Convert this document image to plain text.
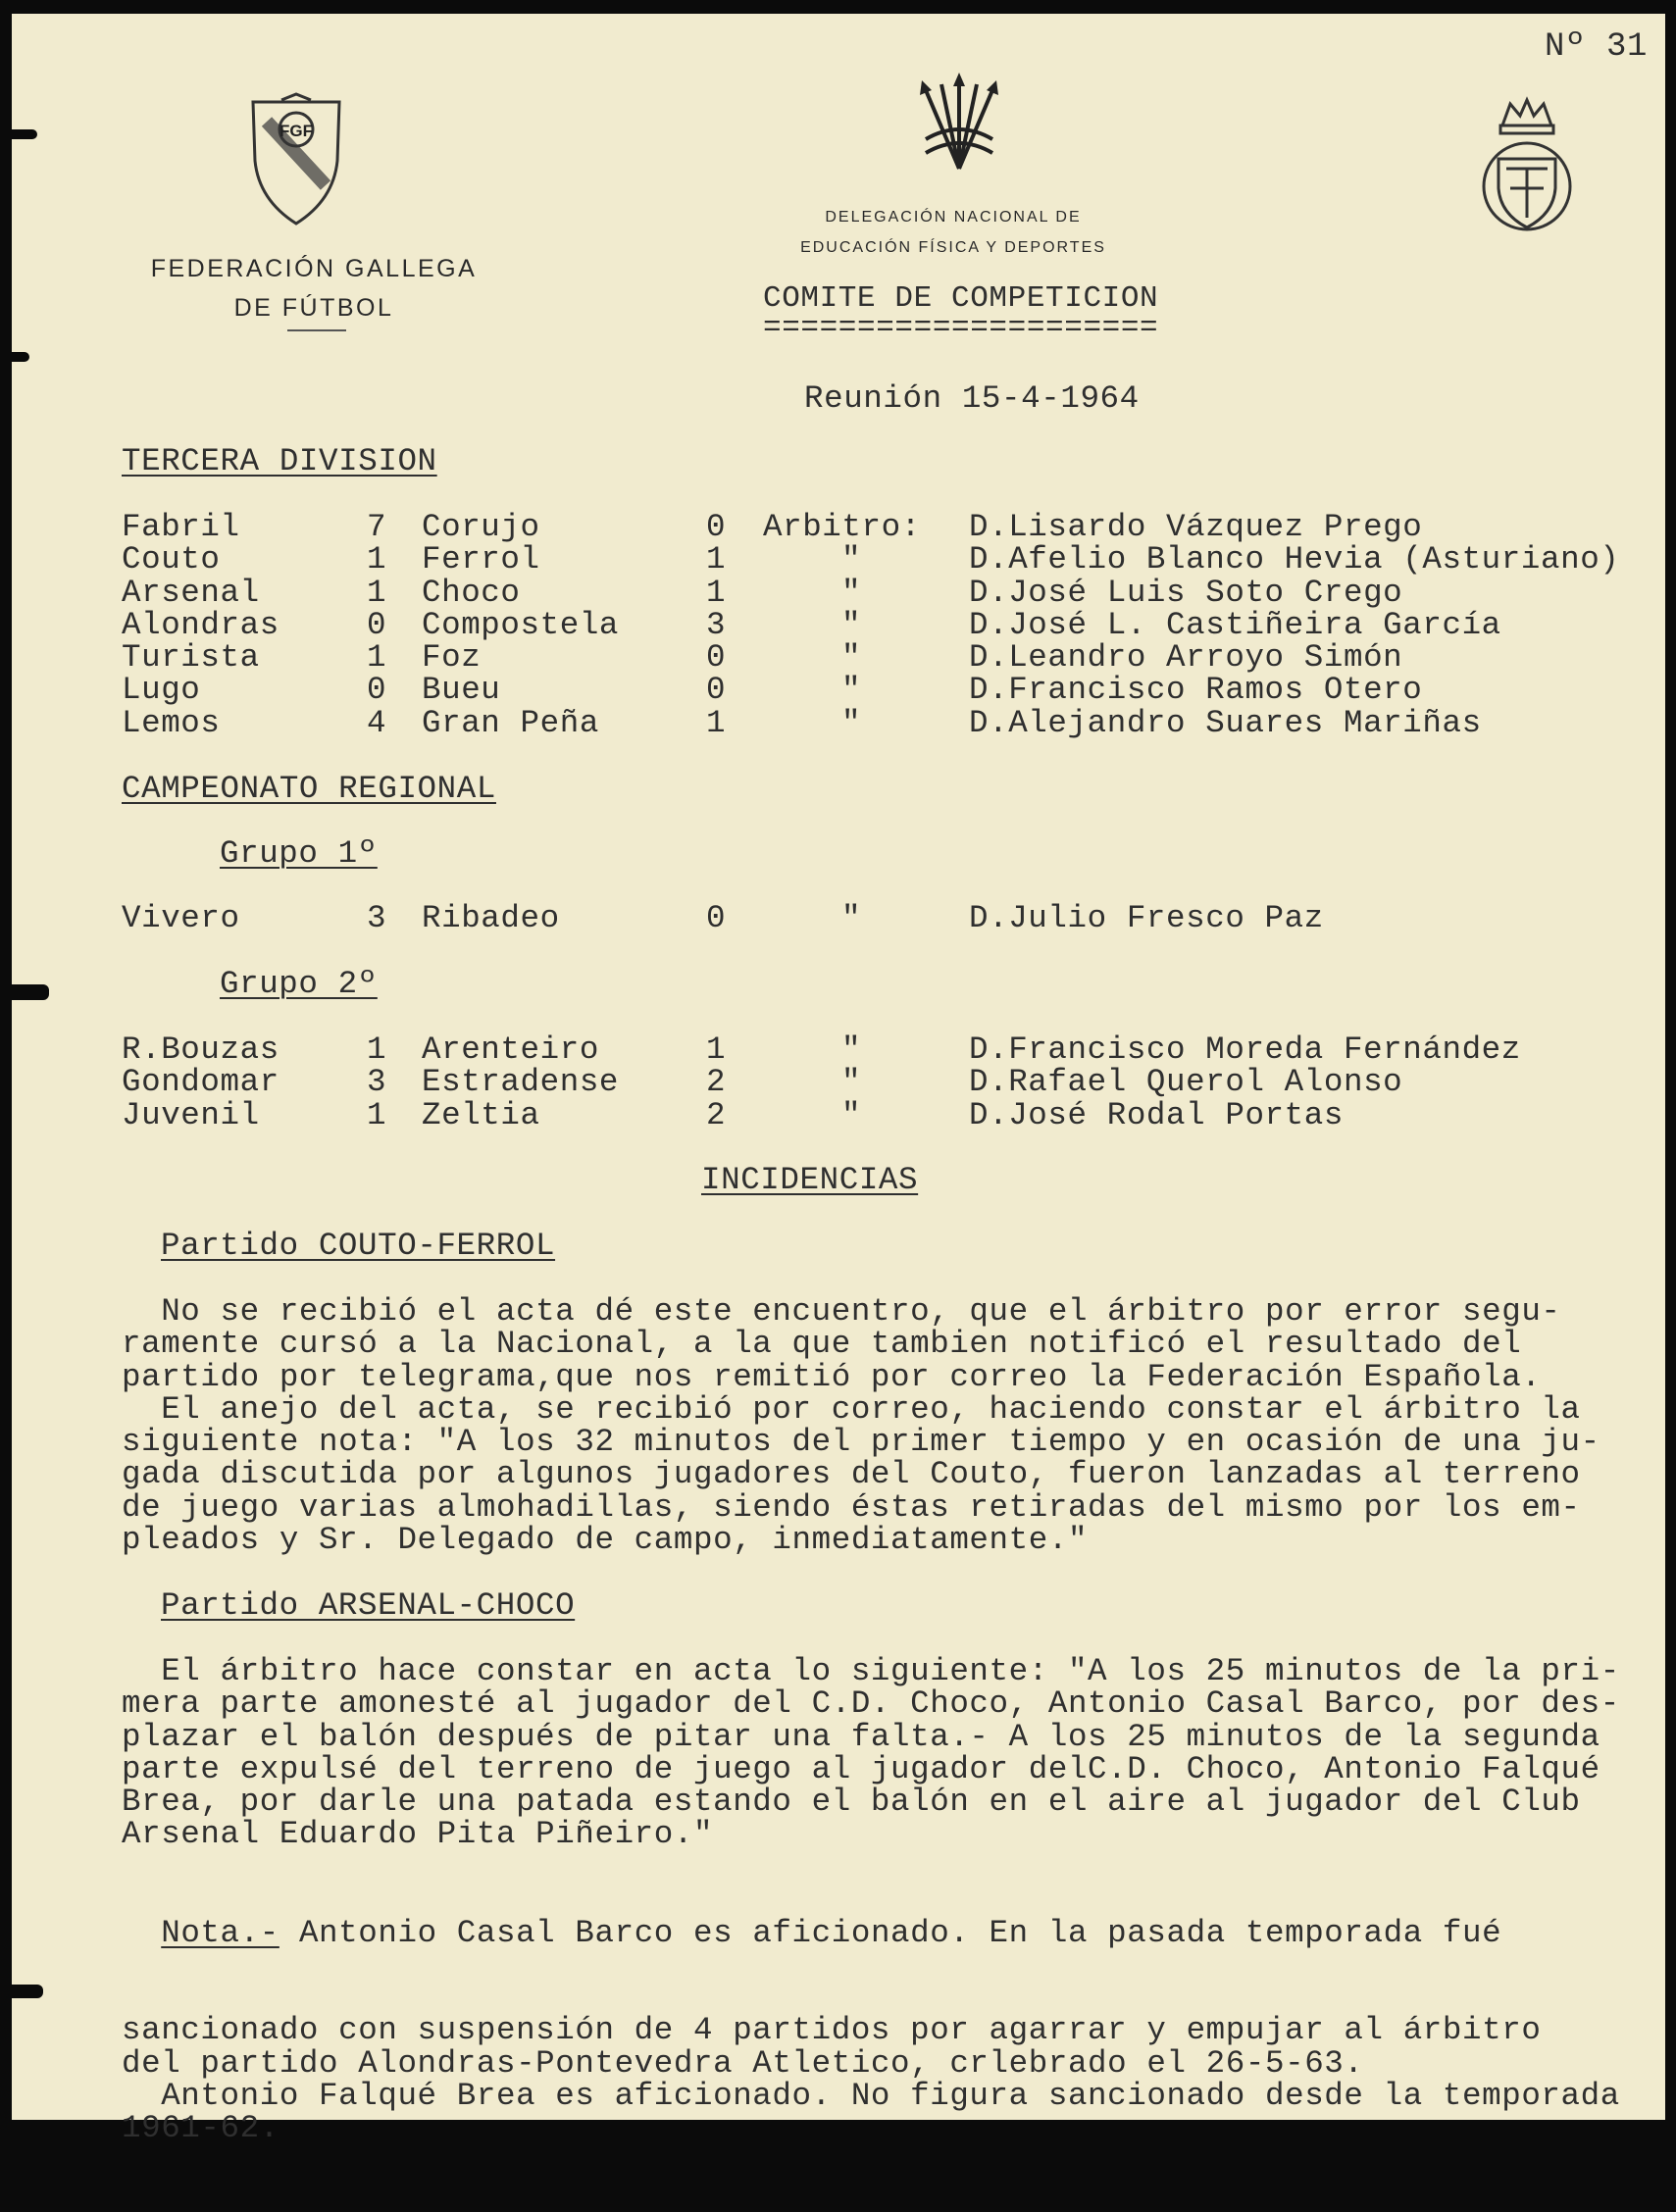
Nº 31
FGF
FEDERACIÓN GALLEGA
DE FÚTBOL
DELEGACIÓN NACIONAL DE
EDUCACIÓN FÍSICA Y DEPORTES
COMITE DE COMPETICION
=====================
Reunión 15-4-1964
TERCERA DIVISION
Fabril	7	Corujo	0	Arbitro:	D.Lisardo Vázquez Prego
Couto	1	Ferrol	1	"	D.Afelio Blanco Hevia (Asturiano)
Arsenal	1	Choco	1	"	D.José Luis Soto Crego
Alondras	0	Compostela	3	"	D.José L. Castiñeira García
Turista	1	Foz	0	"	D.Leandro Arroyo Simón
Lugo	0	Bueu	0	"	D.Francisco Ramos Otero
Lemos	4	Gran Peña	1	"	D.Alejandro Suares Mariñas
CAMPEONATO REGIONAL
Grupo 1º
Vivero	3	Ribadeo	0	"	D.Julio Fresco Paz
Grupo 2º
R.Bouzas	1	Arenteiro	1	"	D.Francisco Moreda Fernández
Gondomar	3	Estradense	2	"	D.Rafael Querol Alonso
Juvenil	1	Zeltia	2	"	D.José Rodal Portas
INCIDENCIAS
Partido COUTO-FERROL
No se recibió el acta dé este encuentro, que el árbitro por error segu-
ramente cursó a la Nacional, a la que tambien notificó el resultado del
partido por telegrama,que nos remitió por correo la Federación Española.
El anejo del acta, se recibió por correo, haciendo constar el árbitro la
siguiente nota: "A los 32 minutos del primer tiempo y en ocasión de una ju-
gada discutida por algunos jugadores del Couto, fueron lanzadas al terreno
de juego varias almohadillas, siendo éstas retiradas del mismo por los em-
pleados y Sr. Delegado de campo, inmediatamente."
Partido ARSENAL-CHOCO
El árbitro hace constar en acta lo siguiente: "A los 25 minutos de la pri-
mera parte amonesté al jugador del C.D. Choco, Antonio Casal Barco, por des-
plazar el balón después de pitar una falta.- A los 25 minutos de la segunda
parte expulsé del terreno de juego al jugador delC.D. Choco, Antonio Falqué
Brea, por darle una patada estando el balón en el aire al jugador del Club
Arsenal Eduardo Pita Piñeiro."

Nota.- Antonio Casal Barco es aficionado. En la pasada temporada fué

sancionado con suspensión de 4 partidos por agarrar y empujar al árbitro
del partido Alondras-Pontevedra Atletico, crlebrado el 26-5-63.
Antonio Falqué Brea es aficionado. No figura sancionado desde la temporada
1961-62.
